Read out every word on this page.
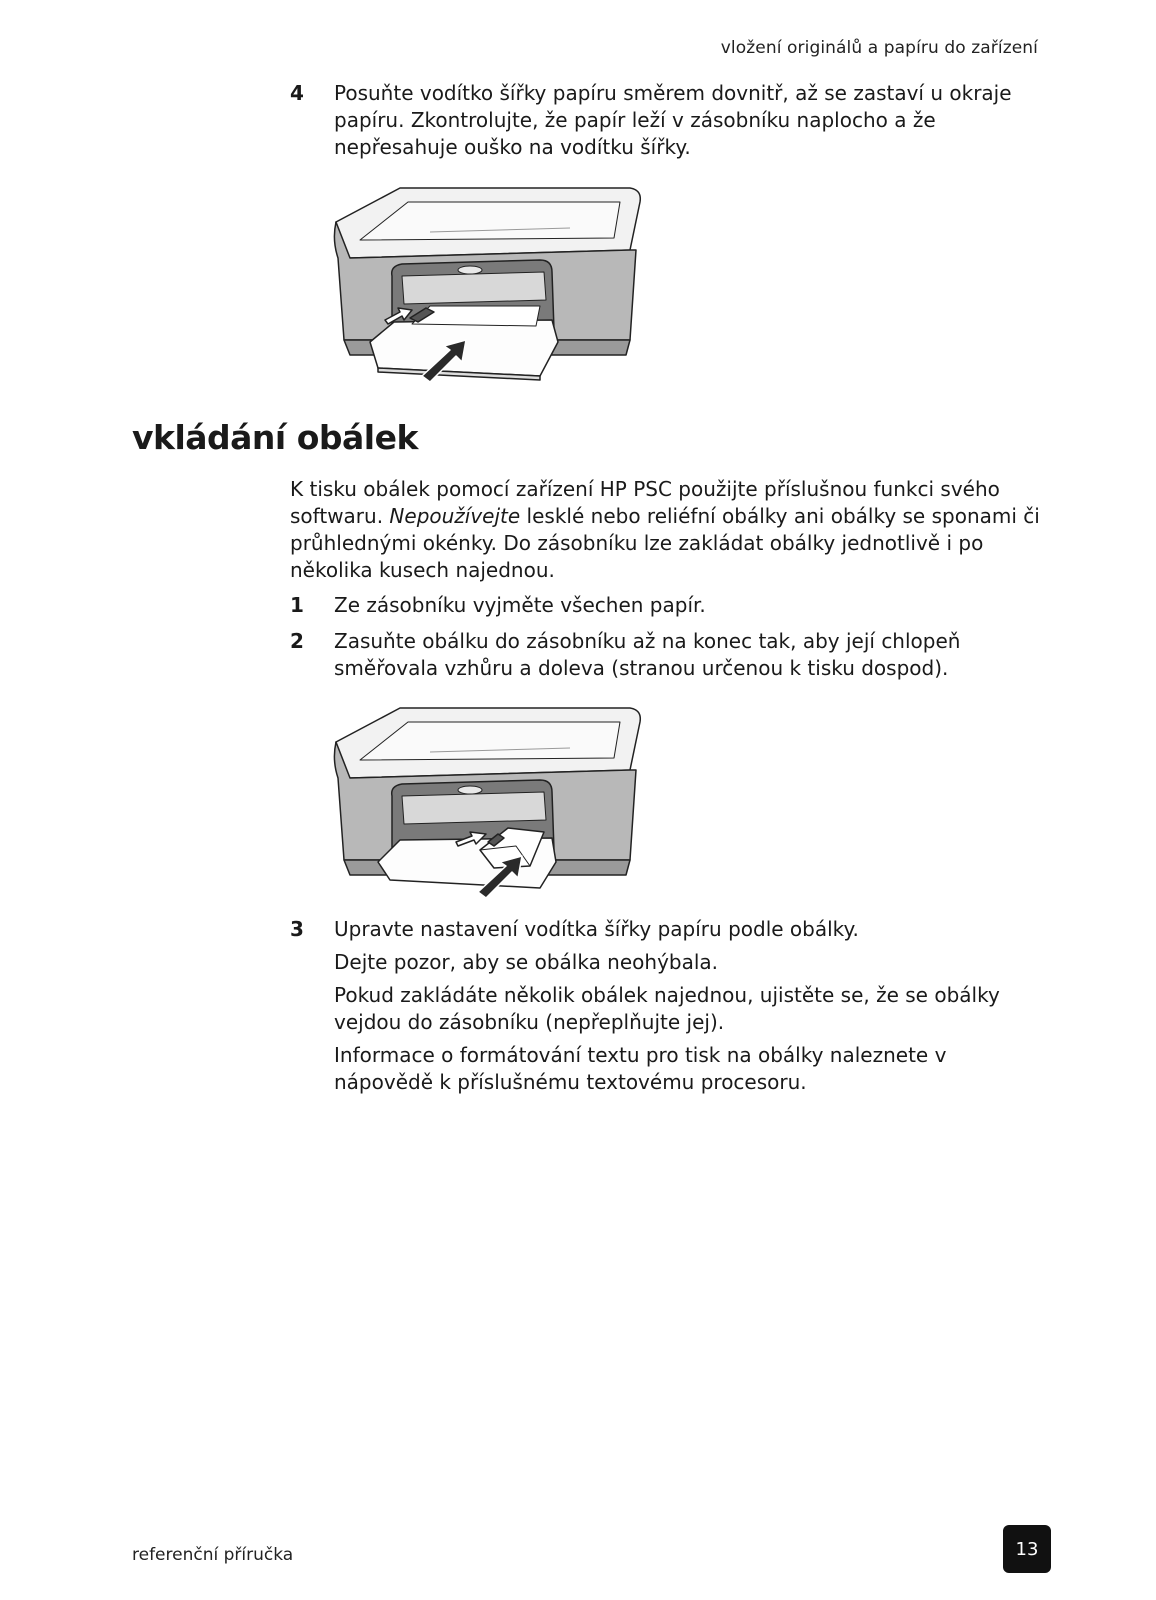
vložení originálů a papíru do zařízení
4 Posuňte vodítko šířky papíru směrem dovnitř, až se zastaví u okraje papíru. Zkontrolujte, že papír leží v zásobníku naplocho a že nepřesahuje ouško na vodítku šířky.

vkládání obálek

K tisku obálek pomocí zařízení HP PSC použijte příslušnou funkci svého softwaru. Nepoužívejte lesklé nebo reliéfní obálky ani obálky se sponami či průhlednými okénky. Do zásobníku lze zakládat obálky jednotlivě i po několika kusech najednou.

1 Ze zásobníku vyjměte všechen papír.

2 Zasuňte obálku do zásobníku až na konec tak, aby její chlopeň směřovala vzhůru a doleva (stranou určenou k tisku dospod).

3 Upravte nastavení vodítka šířky papíru podle obálky.

Dejte pozor, aby se obálka neohýbala.

Pokud zakládáte několik obálek najednou, ujistěte se, že se obálky vejdou do zásobníku (nepřeplňujte jej).

Informace o formátování textu pro tisk na obálky naleznete v nápovědě k příslušnému textovému procesoru.

referenční příručka	13
